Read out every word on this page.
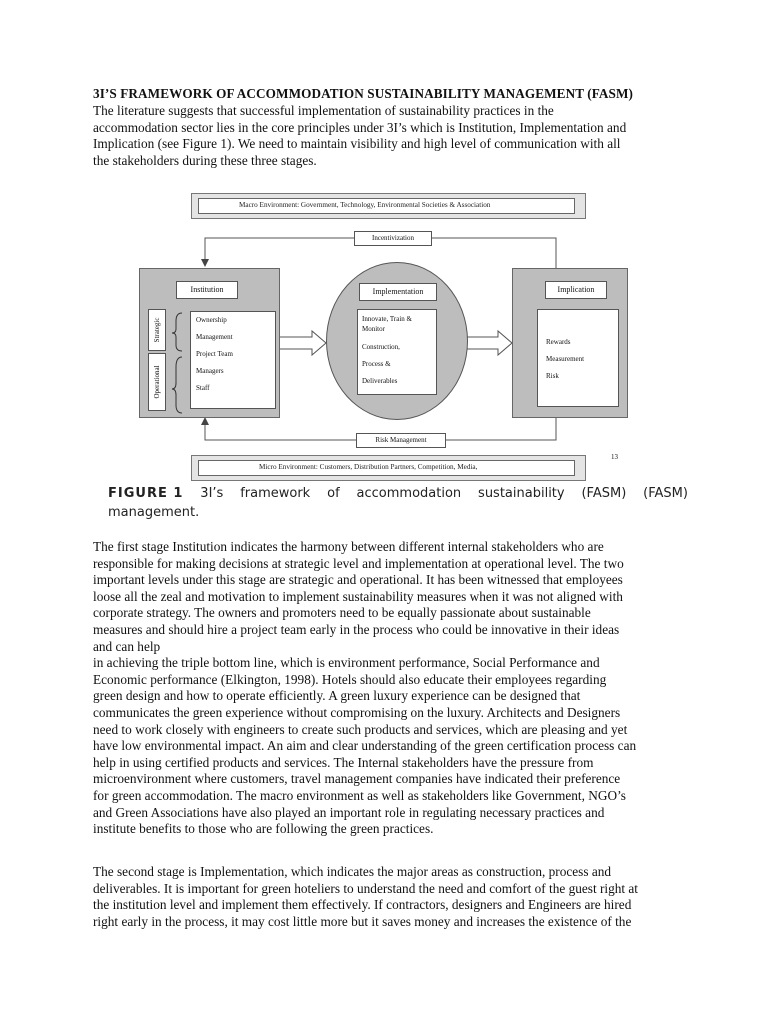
3I’S FRAMEWORK OF ACCOMMODATION SUSTAINABILITY MANAGEMENT (FASM)
The literature suggests that successful implementation of sustainability practices in the
accommodation sector lies in the core principles under 3I’s which is Institution, Implementation and
Implication (see Figure 1). We need to maintain visibility and high level of communication with all
the stakeholders during these three stages.
Macro Environment: Government, Technology, Environmental Societies & Association
Incentivization
Institution
Strategic
Operational
Ownership
Management
Project Team
Managers
Staff
Implementation
Innovate, Train &
Monitor
Construction,
Process &
Deliverables
Implication
Rewards
Measurement
Risk
Risk Management
13
Micro Environment: Customers, Distribution Partners, Competition, Media,
FIGURE 1 3I’s framework of accommodation sustainability (FASM) (FASM)
management.
The first stage Institution indicates the harmony between different internal stakeholders who are
responsible for making decisions at strategic level and implementation at operational level. The two
important levels under this stage are strategic and operational. It has been witnessed that employees
loose all the zeal and motivation to implement sustainability measures when it was not aligned with
corporate strategy. The owners and promoters need to be equally passionate about sustainable
measures and should hire a project team early in the process who could be innovative in their ideas
and can help
in achieving the triple bottom line, which is environment performance, Social Performance and
Economic performance (Elkington, 1998). Hotels should also educate their employees regarding
green design and how to operate efficiently. A green luxury experience can be designed that
communicates the green experience without compromising on the luxury. Architects and Designers
need to work closely with engineers to create such products and services, which are pleasing and yet
have low environmental impact. An aim and clear understanding of the green certification process can
help in using certified products and services. The Internal stakeholders have the pressure from
microenvironment where customers, travel management companies have indicated their preference
for green accommodation. The macro environment as well as stakeholders like Government, NGO’s
and Green Associations have also played an important role in regulating necessary practices and
institute benefits to those who are following the green practices.
The second stage is Implementation, which indicates the major areas as construction, process and
deliverables. It is important for green hoteliers to understand the need and comfort of the guest right at
the institution level and implement them effectively. If contractors, designers and Engineers are hired
right early in the process, it may cost little more but it saves money and increases the existence of the
